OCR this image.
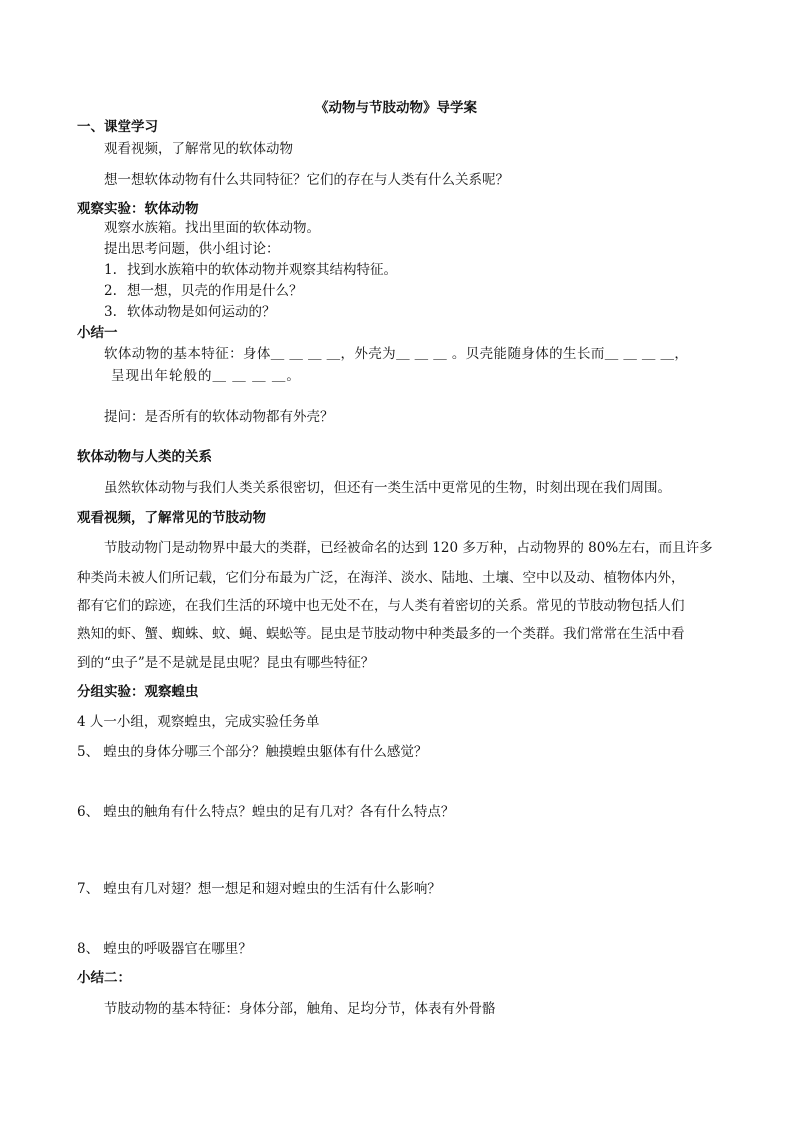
《动物与节肢动物》导学案
一、课堂学习
观看视频，了解常见的软体动物
想一想软体动物有什么共同特征？它们的存在与人类有什么关系呢？
观察实验：软体动物
观察水族箱。找出里面的软体动物。
提出思考问题，供小组讨论：
1. 找到水族箱中的软体动物并观察其结构特征。
2. 想一想，贝壳的作用是什么？
3. 软体动物是如何运动的？
小结一
软体动物的基本特征：身体＿ ＿ ＿ ＿，外壳为＿ ＿ ＿ 。贝壳能随身体的生长而＿ ＿ ＿ ＿，
呈现出年轮般的＿ ＿ ＿ ＿。
提问：是否所有的软体动物都有外壳？
软体动物与人类的关系
虽然软体动物与我们人类关系很密切，但还有一类生活中更常见的生物，时刻出现在我们周围。
观看视频，了解常见的节肢动物
节肢动物门是动物界中最大的类群，已经被命名的达到 120 多万种，占动物界的 80%左右，而且许多
种类尚未被人们所记载，它们分布最为广泛，在海洋、淡水、陆地、土壤、空中以及动、植物体内外，
都有它们的踪迹，在我们生活的环境中也无处不在，与人类有着密切的关系。常见的节肢动物包括人们
熟知的虾、蟹、蜘蛛、蚊、蝇、蜈蚣等。昆虫是节肢动物中种类最多的一个类群。我们常常在生活中看
到的“虫子”是不是就是昆虫呢？昆虫有哪些特征？
分组实验：观察蝗虫
4 人一小组，观察蝗虫，完成实验任务单
5、 蝗虫的身体分哪三个部分？触摸蝗虫躯体有什么感觉？
6、 蝗虫的触角有什么特点？蝗虫的足有几对？各有什么特点？
7、 蝗虫有几对翅？想一想足和翅对蝗虫的生活有什么影响？
8、 蝗虫的呼吸器官在哪里？
小结二：
节肢动物的基本特征：身体分部，触角、足均分节，体表有外骨骼
